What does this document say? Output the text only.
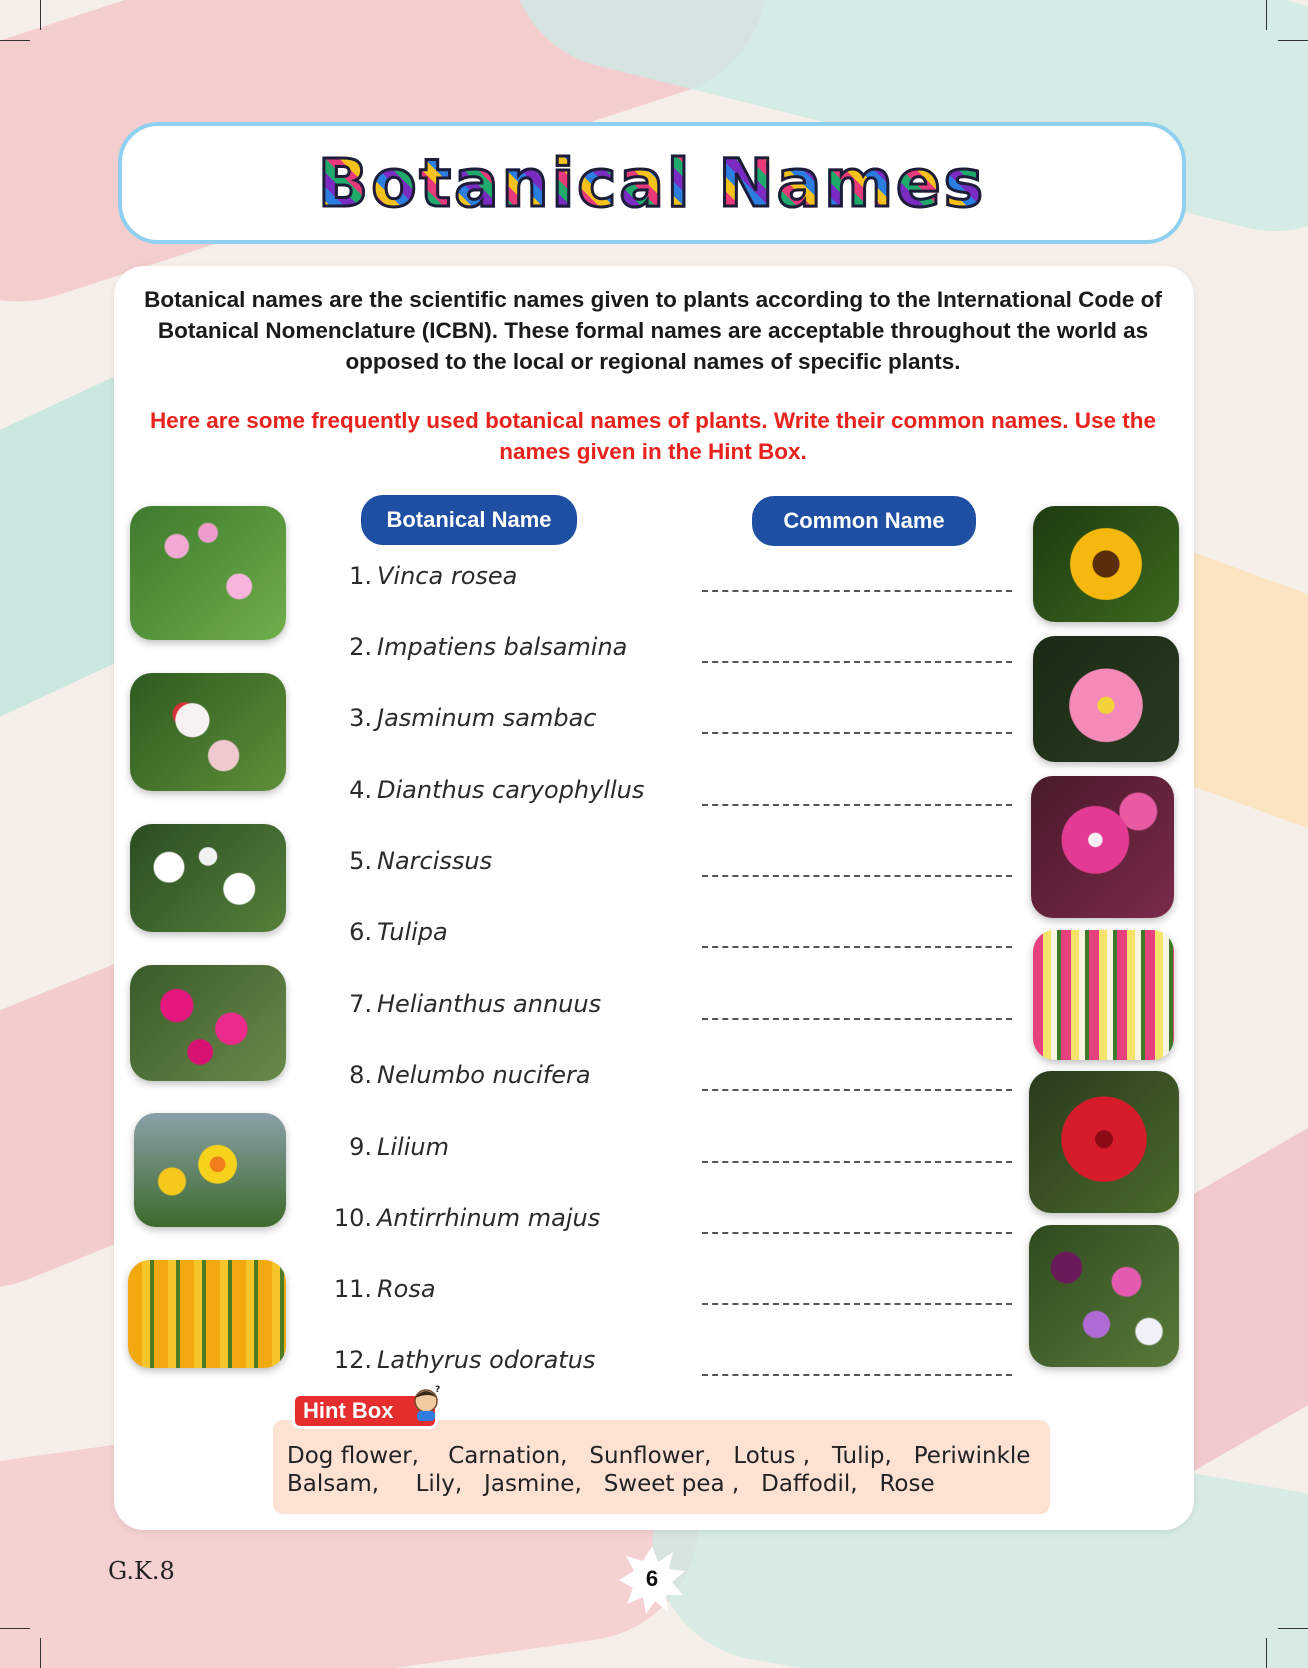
Botanical Names
Botanical names are the scientific names given to plants according to the International Code of Botanical Nomenclature (ICBN). These formal names are acceptable throughout the world as opposed to the local or regional names of specific plants.
Here are some frequently used botanical names of plants. Write their common names. Use the names given in the Hint Box.
Botanical Name	Common Name
1. Vinca rosea
2. Impatiens balsamina
3. Jasminum sambac
4. Dianthus caryophyllus
5. Narcissus
6. Tulipa
7. Helianthus annuus
8. Nelumbo nucifera
9. Lilium
10. Antirrhinum majus
11. Rosa
12. Lathyrus odoratus
Dog flower,    Carnation,   Sunflower,   Lotus ,   Tulip,   Periwinkle
Balsam,     Lily,   Jasmine,   Sweet pea ,   Daffodil,   Rose
Hint Box
?
G.K.8	6
